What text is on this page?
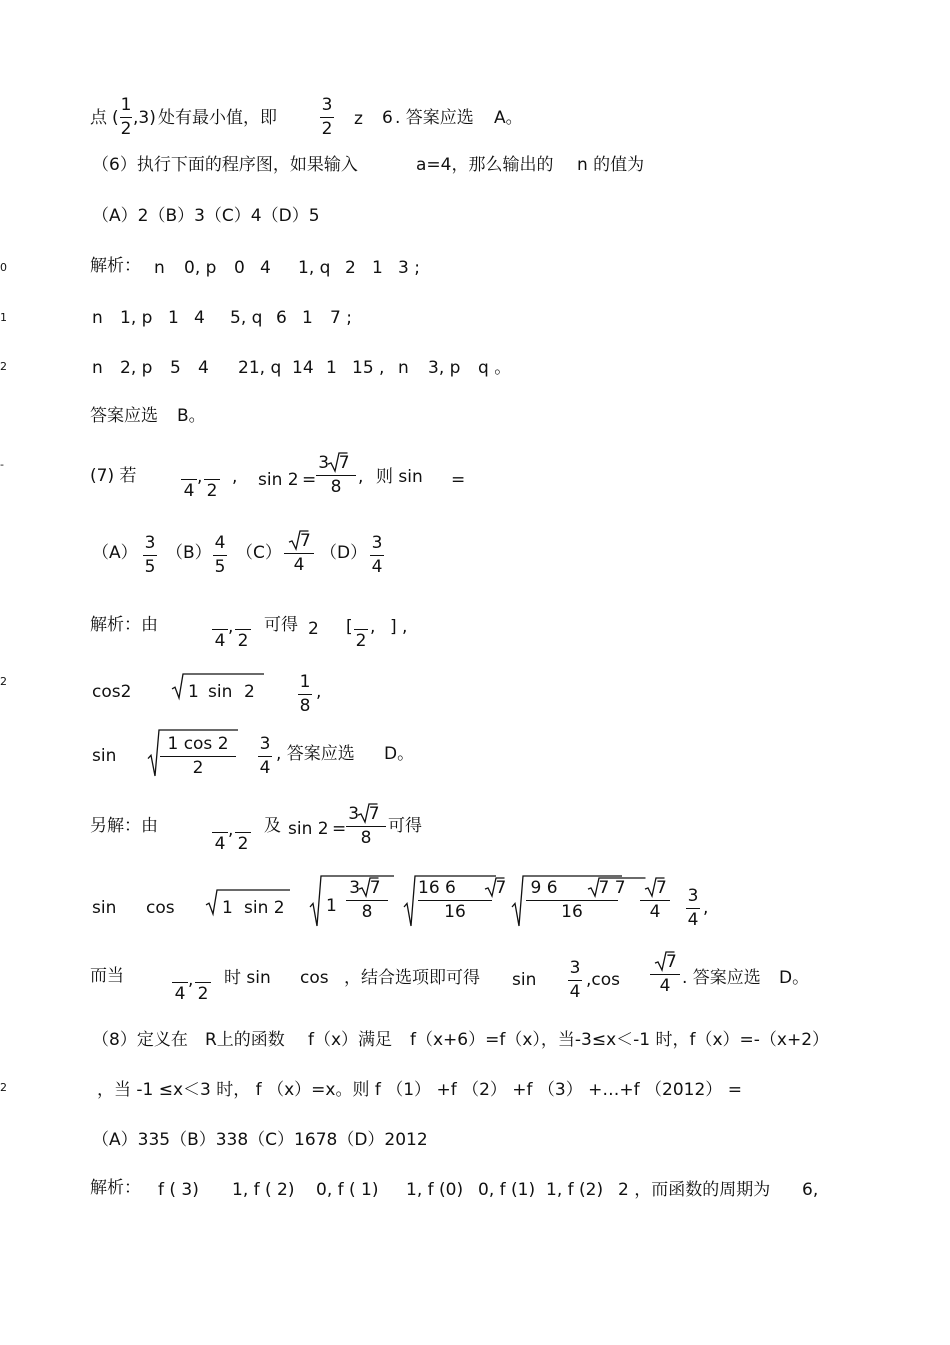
点 (
1
2
,3) 处有最小值，即
3
2 z 6 . 答案应选 A。
（6）执行下面的程序图，如果输入	a=4，那么输出的 n 的值为
（A）2（B）3（C）4（D）5
解析： n 0, p 0 4
0	1, q 2 1 3 ;
n 1, p 1 4
1	5, q 6 1 7 ;
n 2, p 5 4
2	21, q 14 1 15 , n 3, p q 。
答案应选 B。
(7) 若
4
,
2
,
-
sin 2 =
3 7
8 , 则 sin =
（A） 3
5
（B） 4
5
（C）
7
4
（D） 3
4
解析：由
4
,
2
可得 2 [
2
, ] ,
cos2	1 sin
2
2	1
8
,
sin
1 cos 2
2
3
4
, 答案应选 D。
另解：由
4
,
2
及 sin 2 =
3 7
8
可得
sin cos	1 sin 2 1
3 7
8
16 6 7
16
9 6 7 7
16
7
4
3
4
,
而当
4
,
2
时 sin cos ，结合选项即可得 sin
3
4
,cos
7
4 . 答案应选 D。
（8）定义在 R上的函数 f（x）满足 f（x+6）=f（x），当-3≤x＜-1 时，f（x）=-（x+2）
2	，当 -1 ≤x＜3 时， f （x）=x。则 f （1） +f （2） +f （3） +…+f （2012） =
（A）335（B）338（C）1678（D）2012
解析： f ( 3) 1, f ( 2) 0, f ( 1) 1, f (0) 0, f (1) 1, f (2) 2 ，而函数的周期为 6,
